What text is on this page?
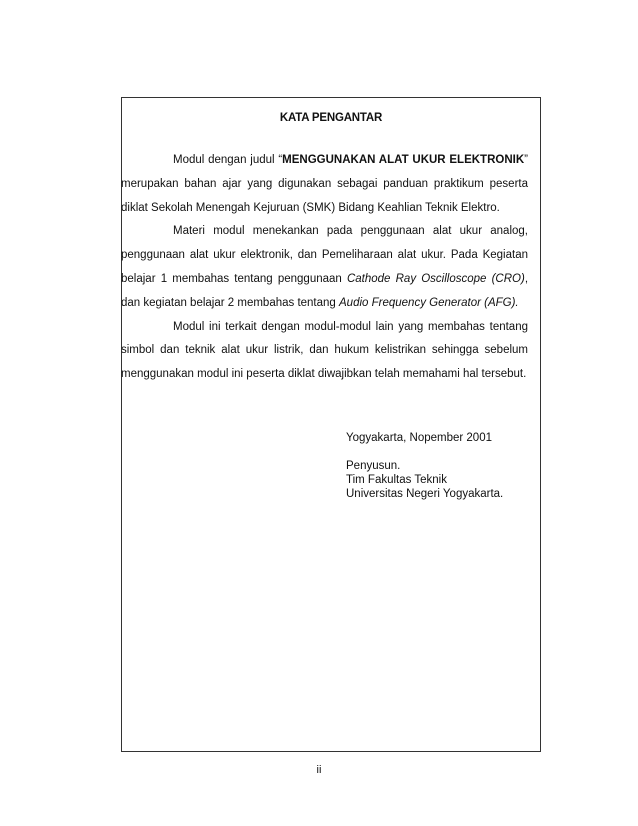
KATA PENGANTAR

Modul dengan judul “MENGGUNAKAN ALAT UKUR ELEKTRONIK” merupakan bahan ajar yang digunakan sebagai panduan praktikum peserta diklat Sekolah Menengah Kejuruan (SMK) Bidang Keahlian Teknik Elektro.

Materi modul menekankan pada penggunaan alat ukur analog, penggunaan alat ukur elektronik, dan Pemeliharaan alat ukur. Pada Kegiatan belajar 1 membahas tentang penggunaan Cathode Ray Oscilloscope (CRO), dan kegiatan belajar 2 membahas tentang Audio Frequency Generator (AFG).

Modul ini terkait dengan modul-modul lain yang membahas tentang simbol dan teknik alat ukur listrik, dan hukum kelistrikan sehingga sebelum menggunakan modul ini peserta diklat diwajibkan telah memahami hal tersebut.

Yogyakarta, Nopember 2001
Penyusun.
Tim Fakultas Teknik
Universitas Negeri Yogyakarta.
ii
